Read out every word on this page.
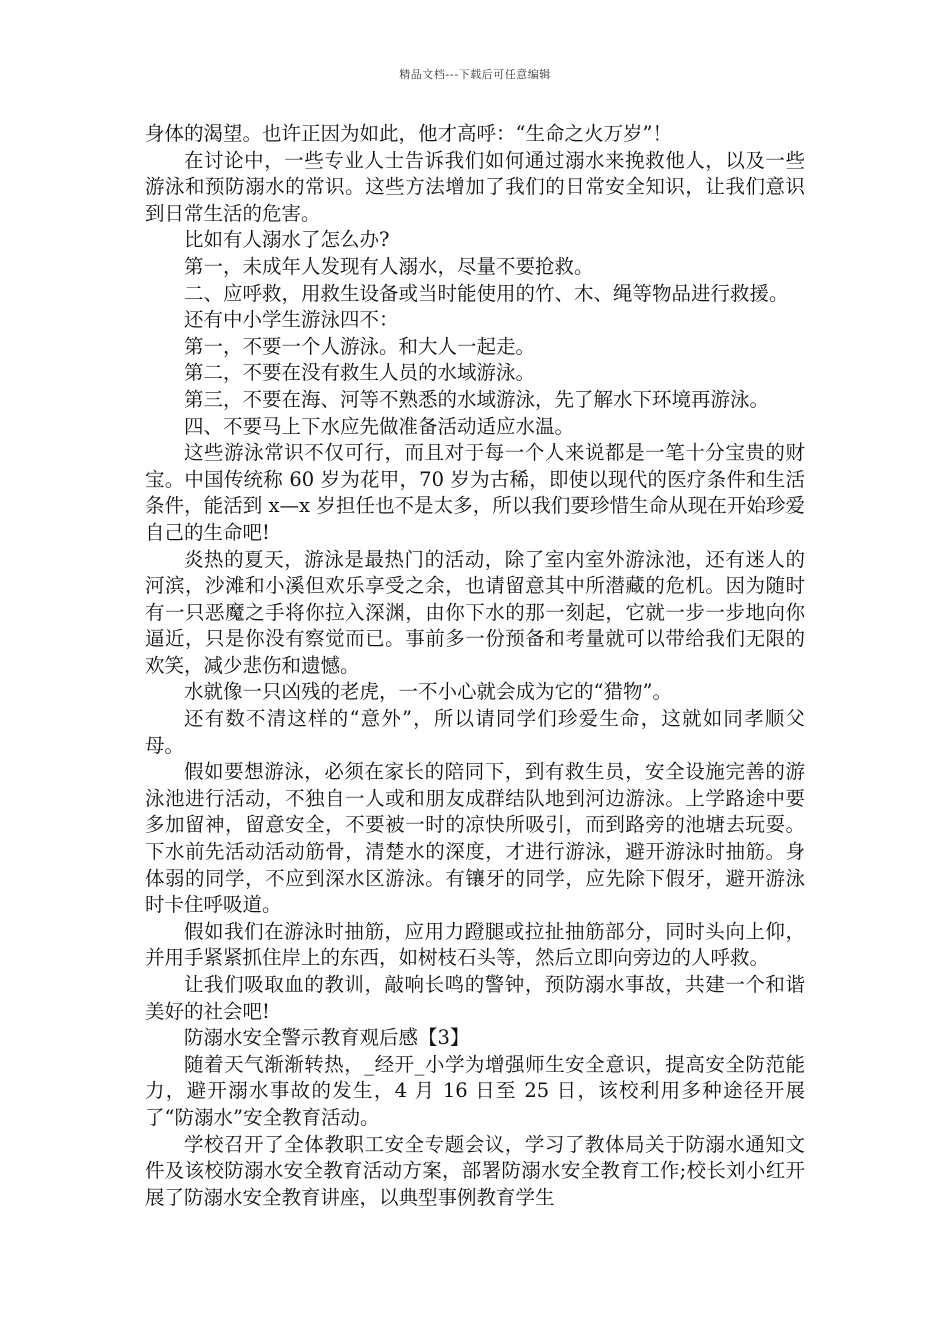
精品文档---下载后可任意编辑

身体的渴望。也许正因为如此，他才高呼：“生命之火万岁”！

在讨论中，一些专业人士告诉我们如何通过溺水来挽救他人，以及一些游泳和预防溺水的常识。这些方法增加了我们的日常安全知识，让我们意识到日常生活的危害。

比如有人溺水了怎么办?

第一，未成年人发现有人溺水，尽量不要抢救。

二、应呼救，用救生设备或当时能使用的竹、木、绳等物品进行救援。

还有中小学生游泳四不：

第一，不要一个人游泳。和大人一起走。

第二，不要在没有救生人员的水域游泳。

第三，不要在海、河等不熟悉的水域游泳，先了解水下环境再游泳。

四、不要马上下水应先做准备活动适应水温。

这些游泳常识不仅可行，而且对于每一个人来说都是一笔十分宝贵的财宝。中国传统称 60 岁为花甲，70 岁为古稀，即使以现代的医疗条件和生活条件，能活到 x—x 岁担任也不是太多，所以我们要珍惜生命从现在开始珍爱自己的生命吧!

炎热的夏天，游泳是最热门的活动，除了室内室外游泳池，还有迷人的河滨，沙滩和小溪但欢乐享受之余，也请留意其中所潜藏的危机。因为随时有一只恶魔之手将你拉入深渊，由你下水的那一刻起，它就一步一步地向你逼近，只是你没有察觉而已。事前多一份预备和考量就可以带给我们无限的欢笑，减少悲伤和遗憾。

水就像一只凶残的老虎，一不小心就会成为它的“猎物”。

还有数不清这样的“意外”，所以请同学们珍爱生命，这就如同孝顺父母。

假如要想游泳，必须在家长的陪同下，到有救生员，安全设施完善的游泳池进行活动，不独自一人或和朋友成群结队地到河边游泳。上学路途中要多加留神，留意安全，不要被一时的凉快所吸引，而到路旁的池塘去玩耍。下水前先活动活动筋骨，清楚水的深度，才进行游泳，避开游泳时抽筋。身体弱的同学，不应到深水区游泳。有镶牙的同学，应先除下假牙，避开游泳时卡住呼吸道。

假如我们在游泳时抽筋，应用力蹬腿或拉扯抽筋部分，同时头向上仰，并用手紧紧抓住岸上的东西，如树枝石头等，然后立即向旁边的人呼救。

让我们吸取血的教训，敲响长鸣的警钟，预防溺水事故，共建一个和谐美好的社会吧!

防溺水安全警示教育观后感【3】

随着天气渐渐转热，_经开_小学为增强师生安全意识，提高安全防范能力，避开溺水事故的发生，4 月 16 日至 25 日，该校利用多种途径开展了“防溺水”安全教育活动。

学校召开了全体教职工安全专题会议，学习了教体局关于防溺水通知文件及该校防溺水安全教育活动方案，部署防溺水安全教育工作;校长刘小红开展了防溺水安全教育讲座，以典型事例教育学生
